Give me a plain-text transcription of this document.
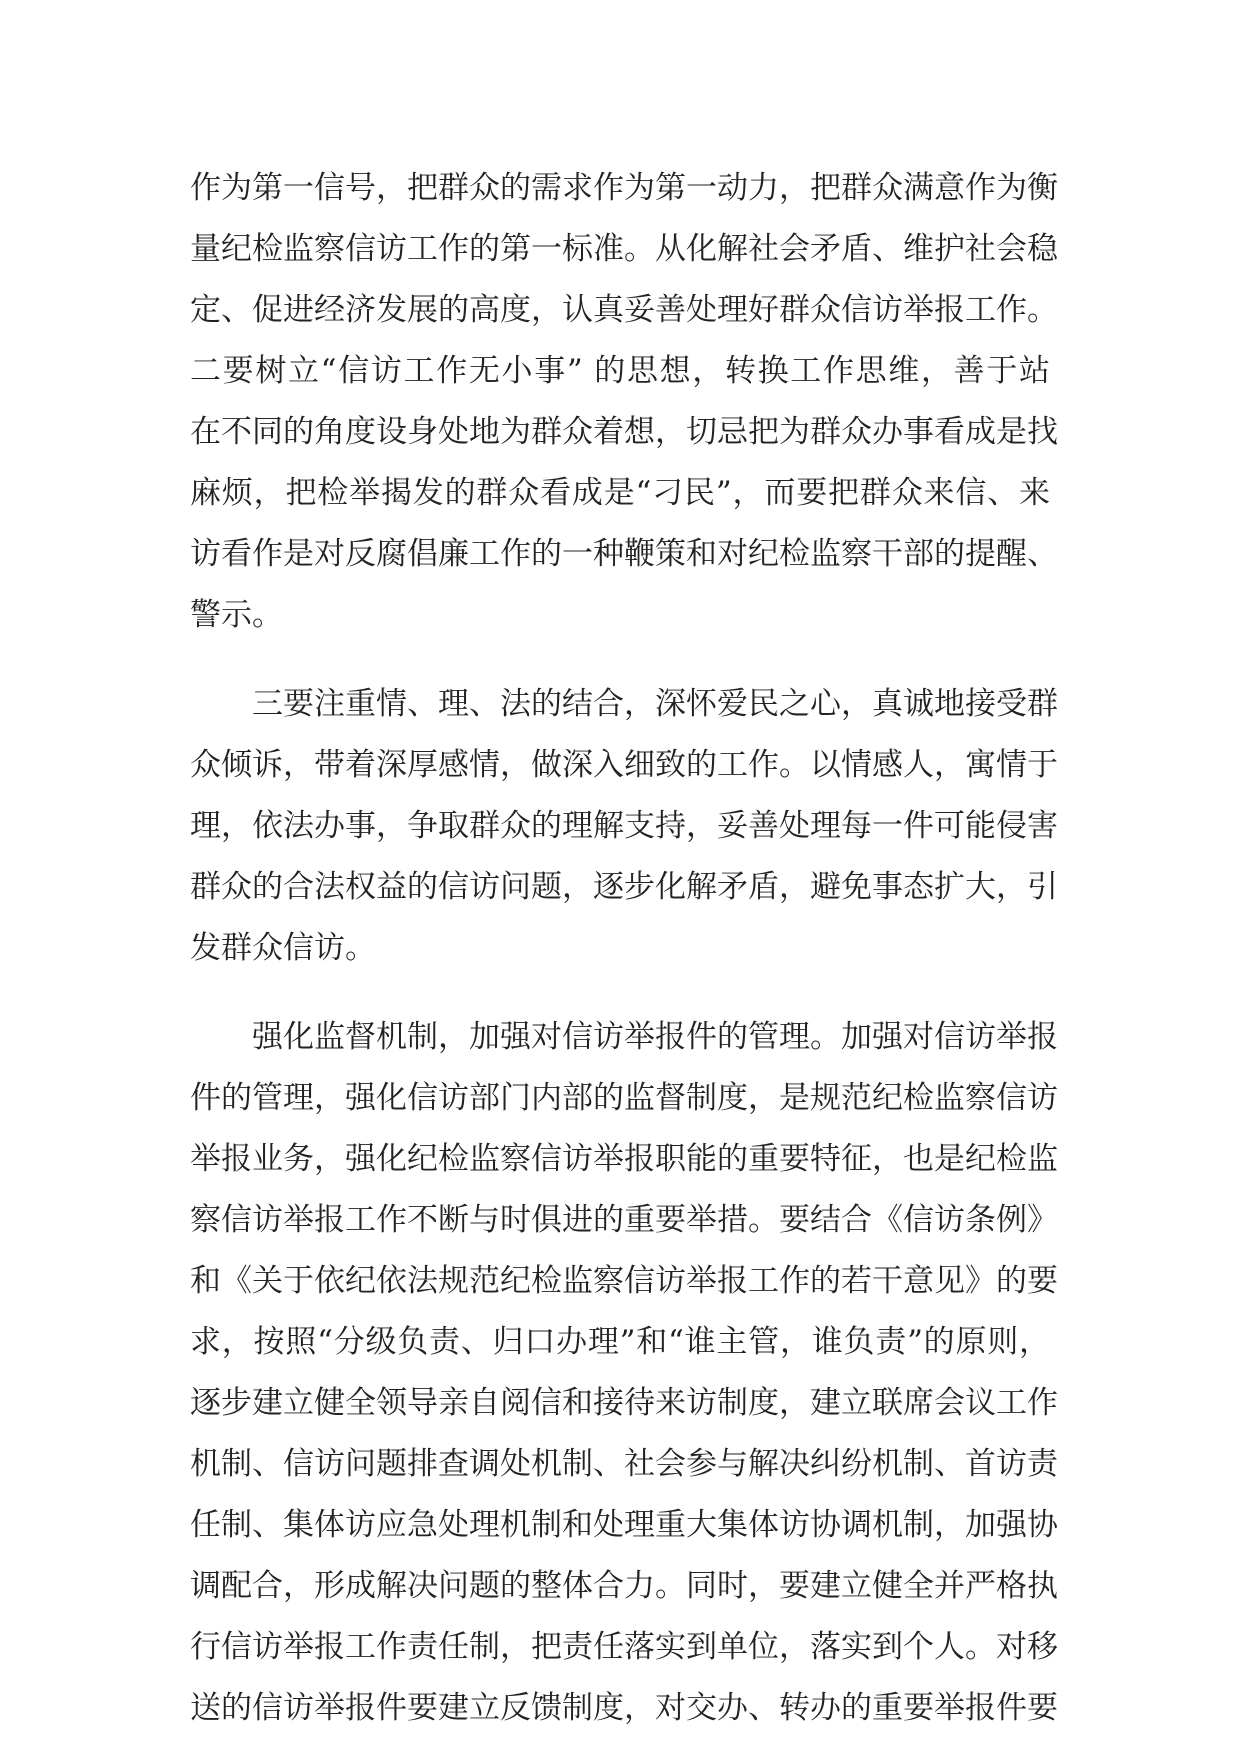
作为第一信号，把群众的需求作为第一动力，把群众满意作为衡
量纪检监察信访工作的第一标准。从化解社会矛盾、维护社会稳
定、促进经济发展的高度，认真妥善处理好群众信访举报工作。
二要树立“信访工作无小事” 的思想，转换工作思维，善于站
在不同的角度设身处地为群众着想，切忌把为群众办事看成是找
麻烦，把检举揭发的群众看成是“刁民”，而要把群众来信、来
访看作是对反腐倡廉工作的一种鞭策和对纪检监察干部的提醒、
警示。
三要注重情、理、法的结合，深怀爱民之心，真诚地接受群
众倾诉，带着深厚感情，做深入细致的工作。以情感人，寓情于
理，依法办事，争取群众的理解支持，妥善处理每一件可能侵害
群众的合法权益的信访问题，逐步化解矛盾，避免事态扩大，引
发群众信访。
强化监督机制，加强对信访举报件的管理。加强对信访举报
件的管理，强化信访部门内部的监督制度，是规范纪检监察信访
举报业务，强化纪检监察信访举报职能的重要特征，也是纪检监
察信访举报工作不断与时俱进的重要举措。要结合《信访条例》
和《关于依纪依法规范纪检监察信访举报工作的若干意见》的要
求，按照“分级负责、归口办理”和“谁主管，谁负责”的原则，
逐步建立健全领导亲自阅信和接待来访制度，建立联席会议工作
机制、信访问题排查调处机制、社会参与解决纠纷机制、首访责
任制、集体访应急处理机制和处理重大集体访协调机制，加强协
调配合，形成解决问题的整体合力。同时，要建立健全并严格执
行信访举报工作责任制，把责任落实到单位，落实到个人。对移
送的信访举报件要建立反馈制度，对交办、转办的重要举报件要
